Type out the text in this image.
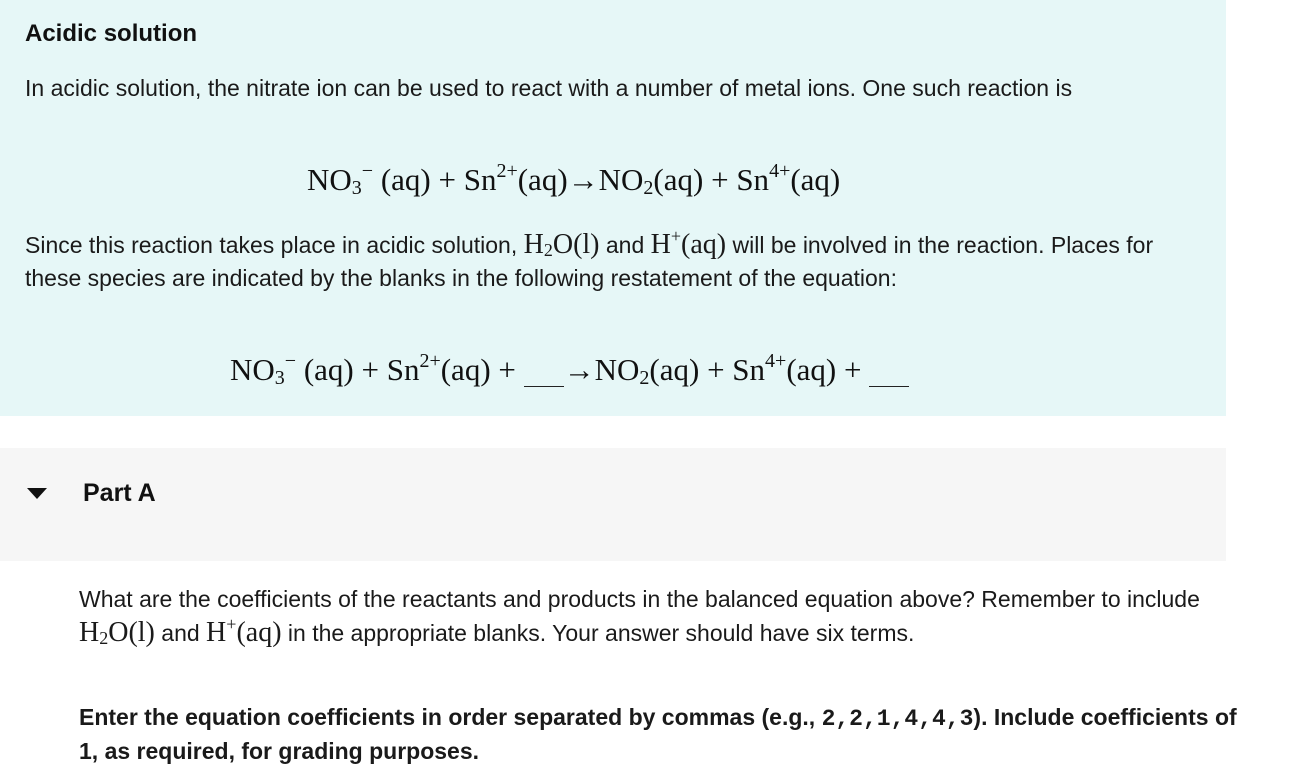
Acidic solution

In acidic solution, the nitrate ion can be used to react with a number of metal ions. One such reaction is

$NO_3^-$ $(aq) + Sn^{2+}(aq)\to NO_2(aq) + Sn^{4+}(aq)$

Since this reaction takes place in acidic solution, $H_2O(l)$ and H+(aq) will be involved in the reaction. Places for these species are indicated by the blanks in the following restatement of the equation:

$NO_3^-$ $(aq) + Sn^{2+}(aq) + \to NO_2(aq) + Sn^{4+}(aq)$ +
Part A

What are the coefficients of the reactants and products in the balanced equation above? Remember to include $H_2O(l)$ and H+(aq) in the appropriate blanks. Your answer should have six terms.

Enter the equation coefficients in order separated by commas (e.g., 2,2,1,4,4,3). Include coefficients of 1, as required, for grading purposes.
